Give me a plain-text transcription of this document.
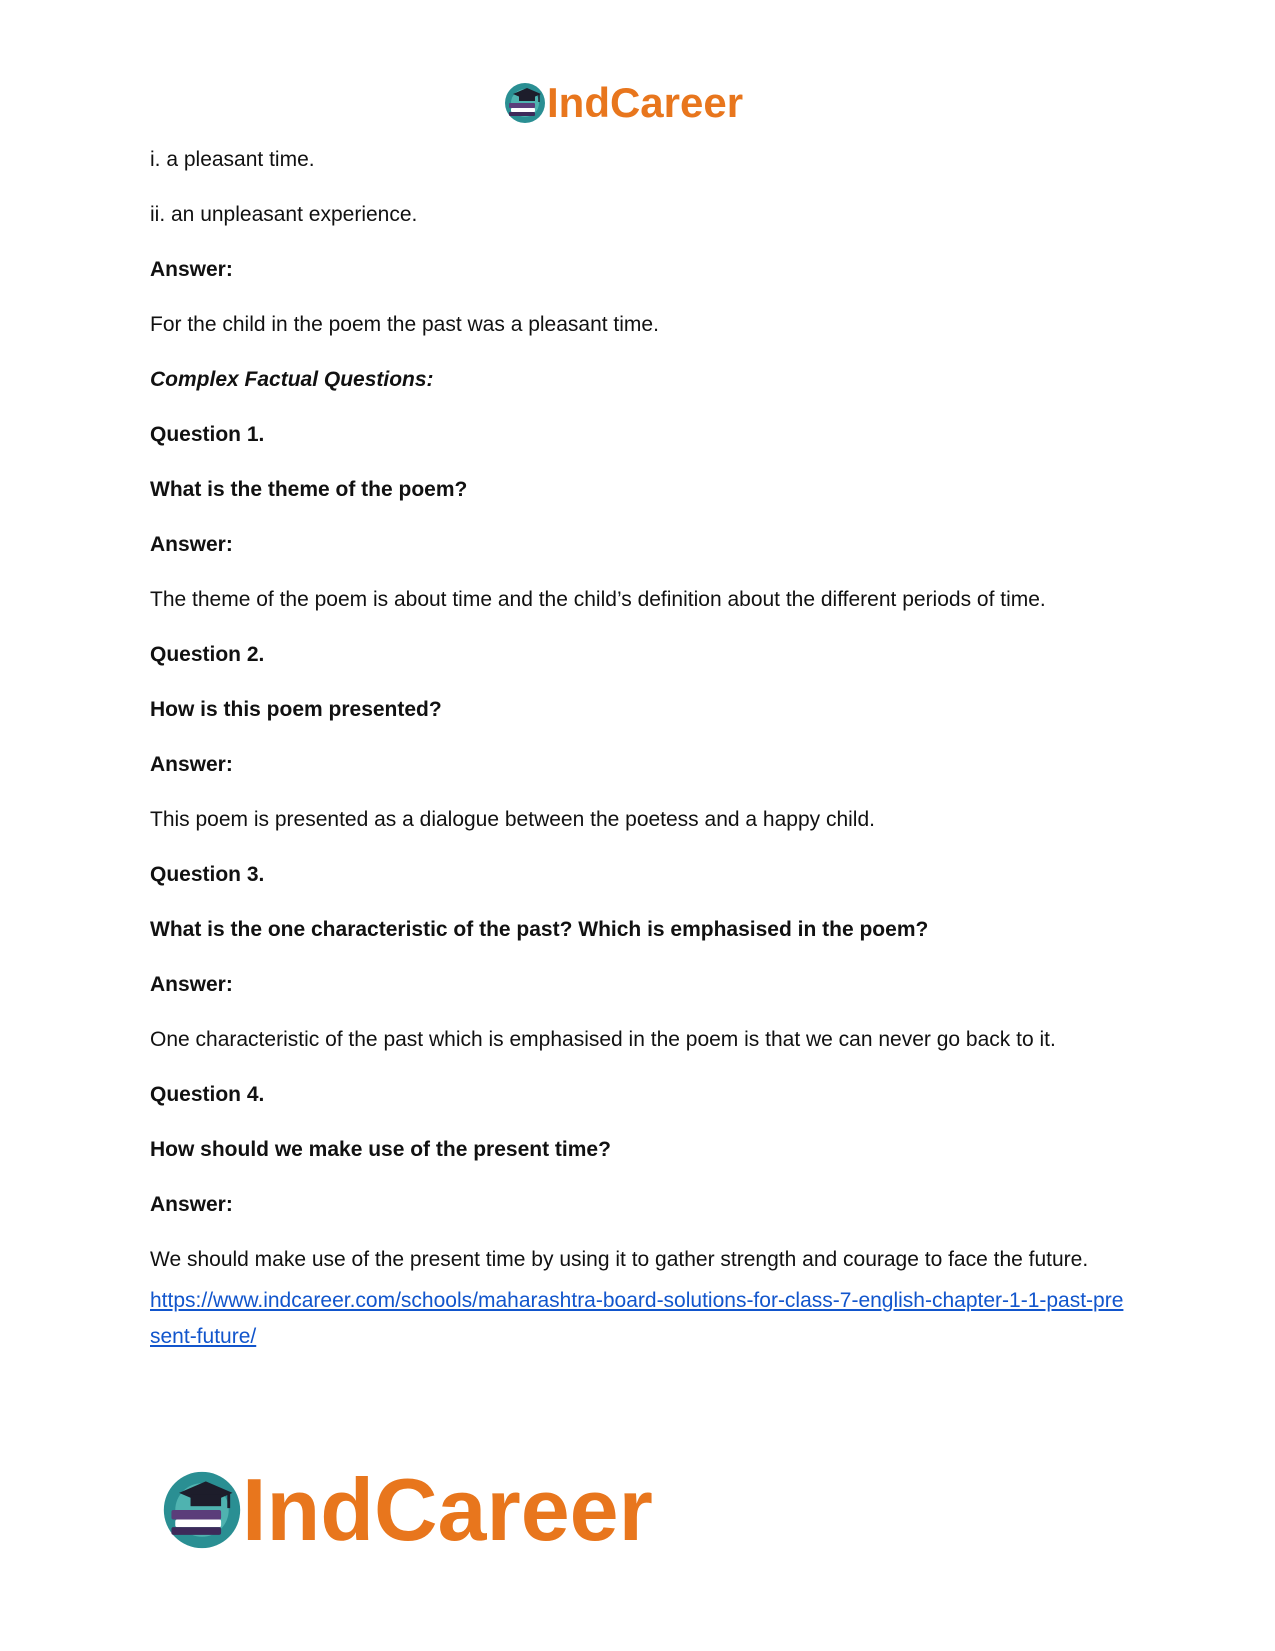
IndCareer

i. a pleasant time.

ii. an unpleasant experience.

Answer:

For the child in the poem the past was a pleasant time.

Complex Factual Questions:

Question 1.

What is the theme of the poem?

Answer:

The theme of the poem is about time and the child’s definition about the different periods of time.

Question 2.

How is this poem presented?

Answer:

This poem is presented as a dialogue between the poetess and a happy child.

Question 3.

What is the one characteristic of the past? Which is emphasised in the poem?

Answer:

One characteristic of the past which is emphasised in the poem is that we can never go back to it.

Question 4.

How should we make use of the present time?

Answer:

We should make use of the present time by using it to gather strength and courage to face the future.

https://www.indcareer.com/schools/maharashtra-board-solutions-for-class-7-english-chapter-1-1-past-present-future/
IndCareer
